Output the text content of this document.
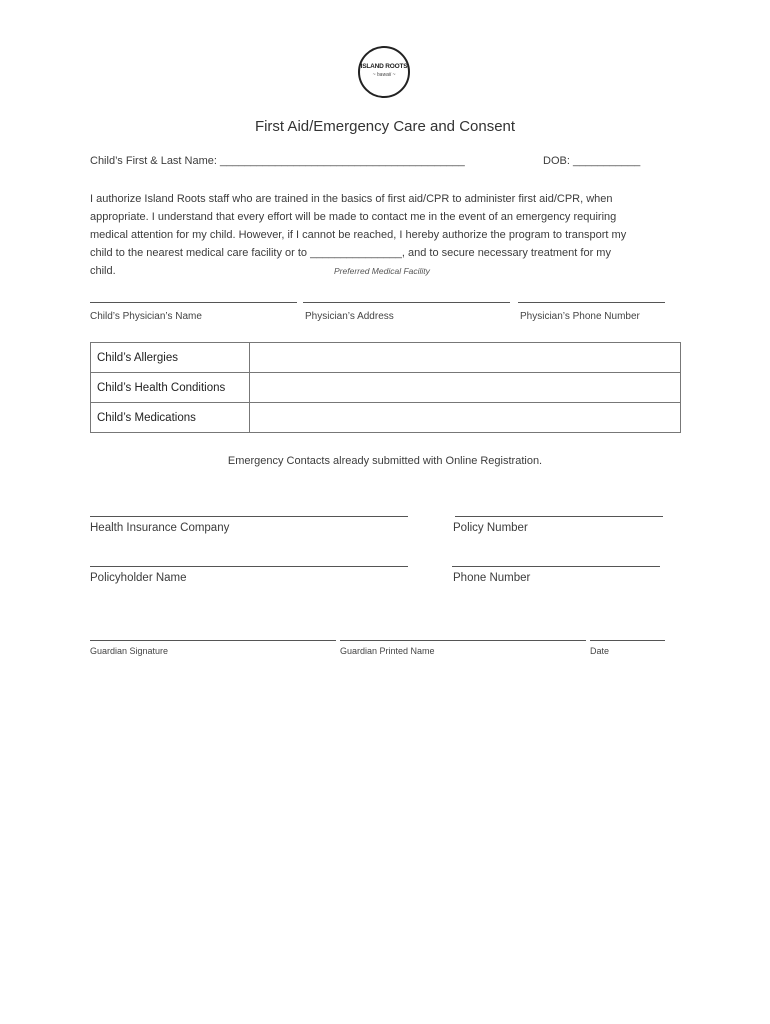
ISLAND ROOTS
~ hawaii ~
First Aid/Emergency Care and Consent
Child’s First & Last Name: ________________________________________	DOB: ___________
I authorize Island Roots staff who are trained in the basics of first aid/CPR to administer first aid/CPR, when
appropriate. I understand that every effort will be made to contact me in the event of an emergency requiring
medical attention for my child. However, if I cannot be reached, I hereby authorize the program to transport my
child to the nearest medical care facility or to _______________, and to secure necessary treatment for my
child.	Preferred Medical Facility
Child’s Physician’s Name	Physician’s Address	Physician’s Phone Number
Child’s Allergies	
Child’s Health Conditions	
Child’s Medications	
Emergency Contacts already submitted with Online Registration.
Health Insurance Company	Policy Number
Policyholder Name	Phone Number
Guardian Signature	Guardian Printed Name	Date
